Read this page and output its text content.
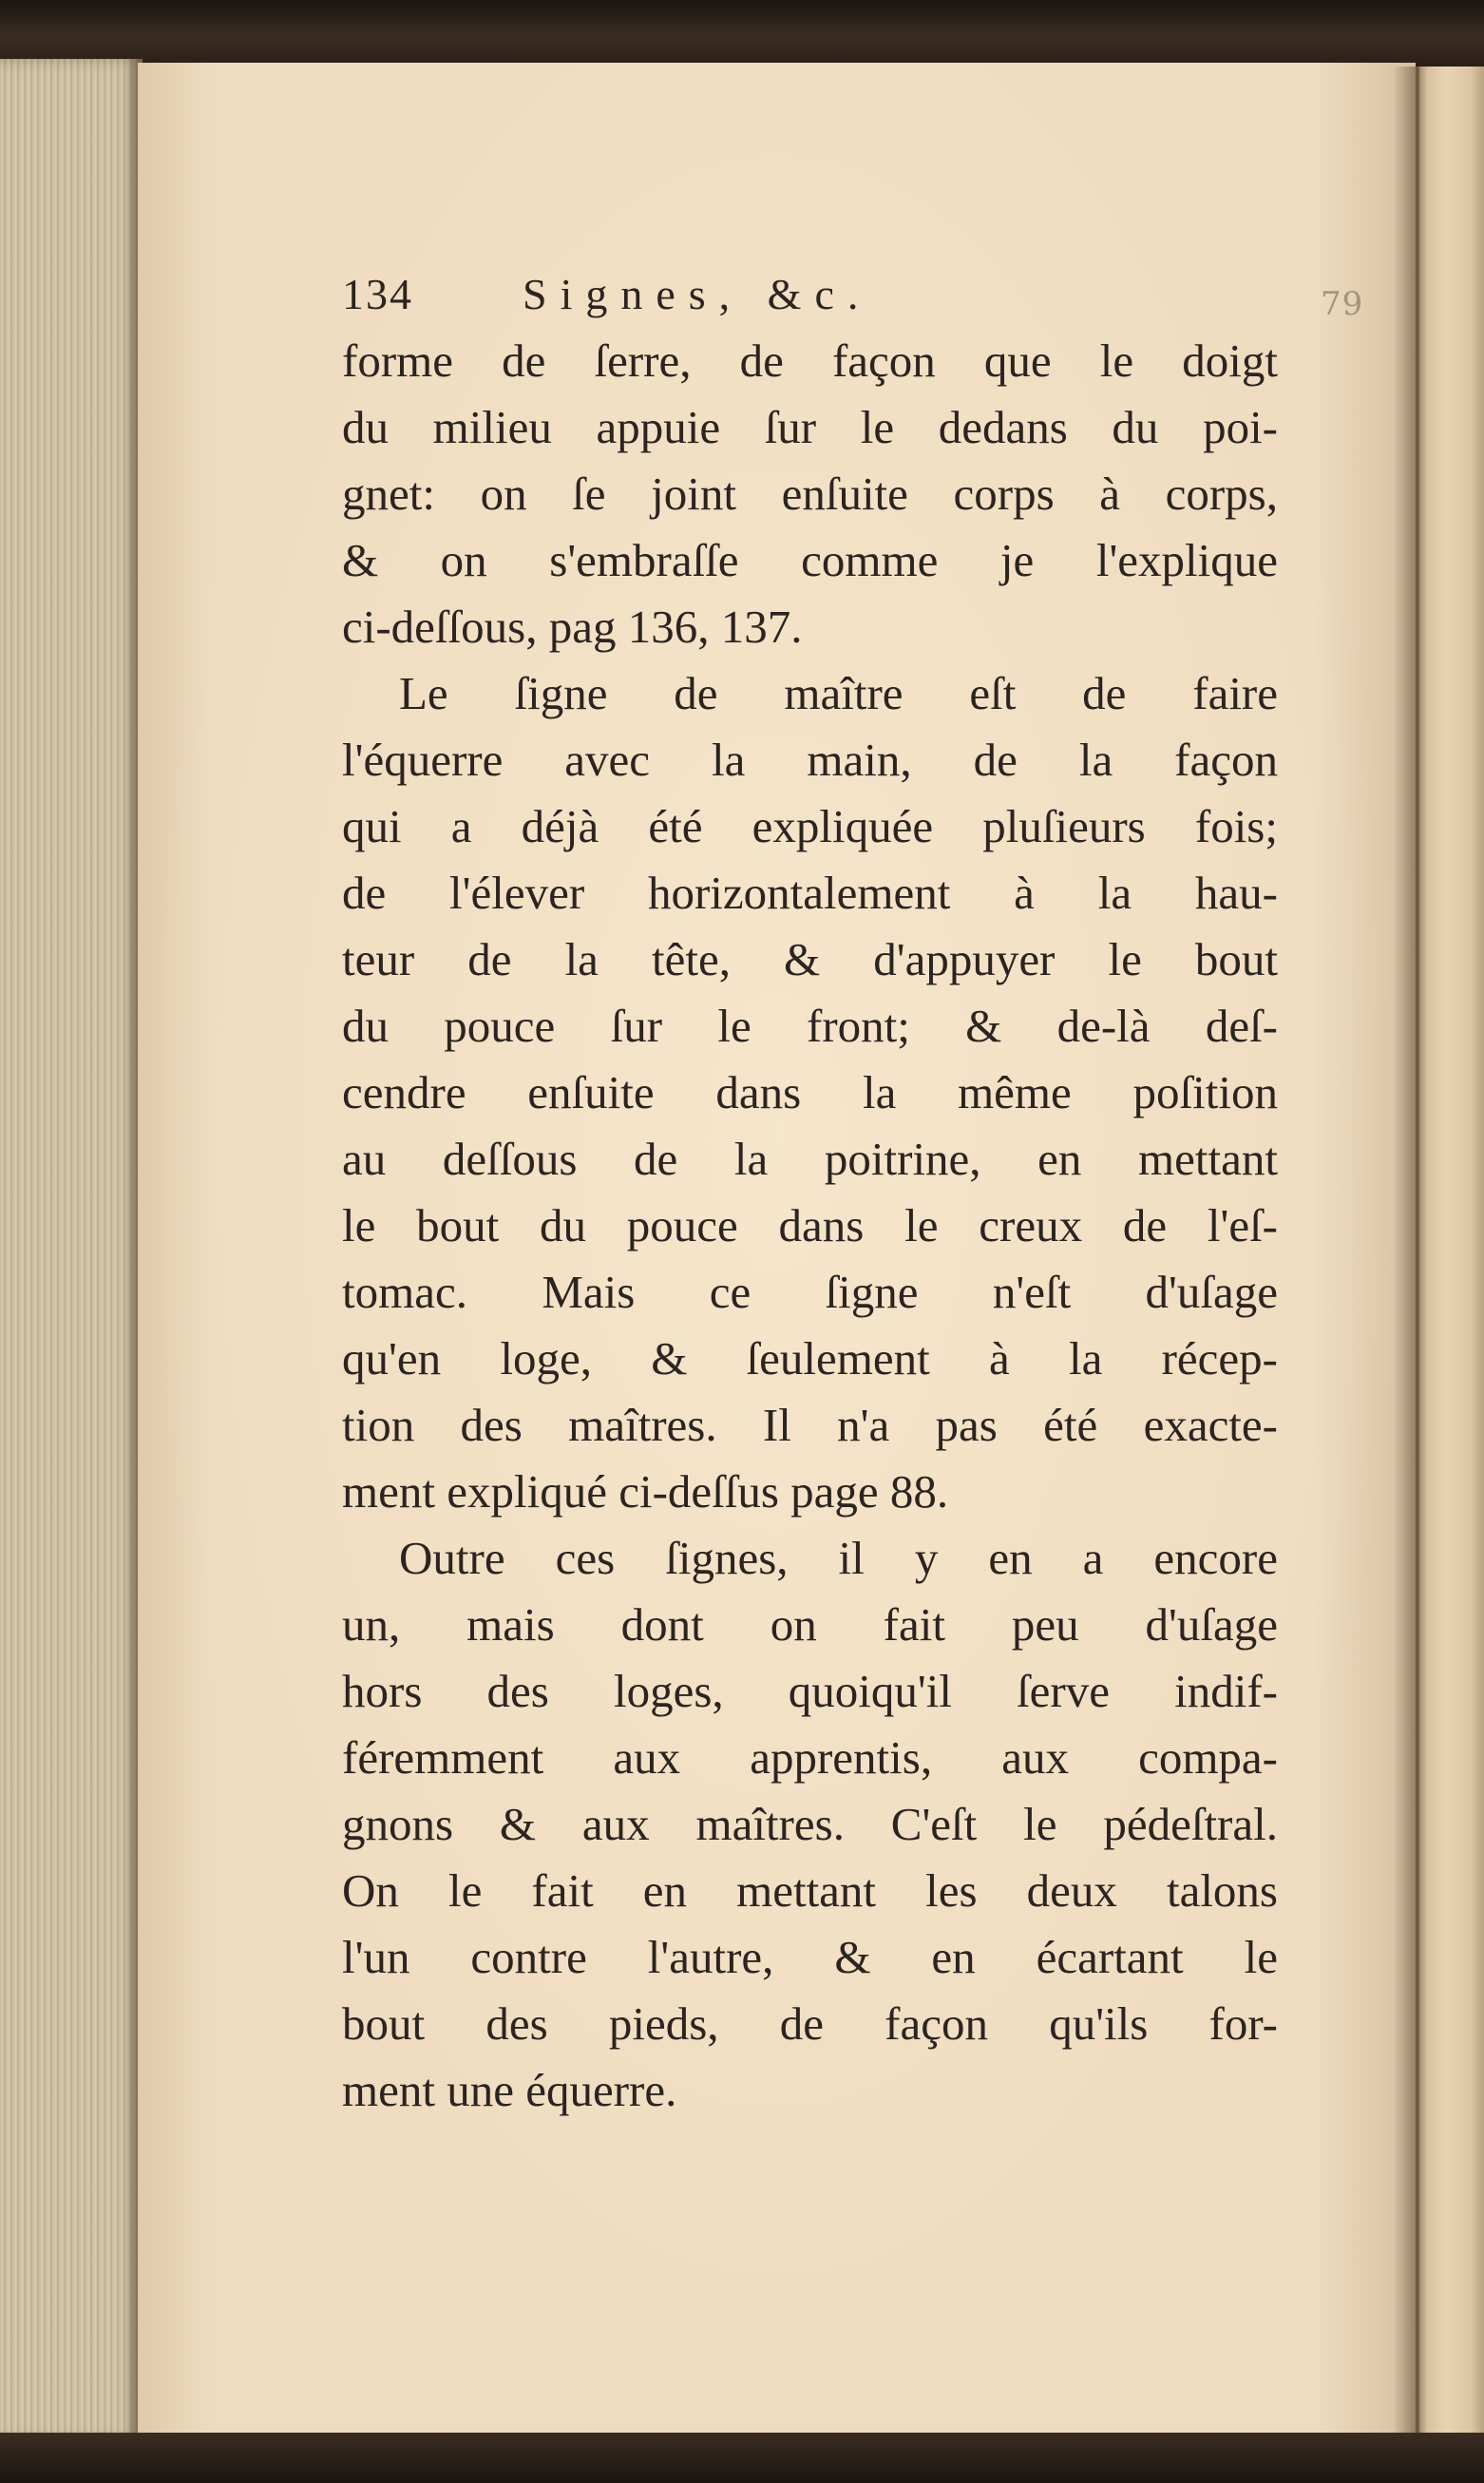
79
134	Signes, &c.
forme de ſerre, de façon que le doigt
du milieu appuie ſur le dedans du poi-
gnet: on ſe joint enſuite corps à corps,
& on s'embraſſe comme je l'explique
ci-deſſous, pag 136, 137.
Le ſigne de maître eſt de faire
l'équerre avec la main, de la façon
qui a déjà été expliquée pluſieurs fois;
de l'élever horizontalement à la hau-
teur de la tête, & d'appuyer le bout
du pouce ſur le front; & de-là deſ-
cendre enſuite dans la même poſition
au deſſous de la poitrine, en mettant
le bout du pouce dans le creux de l'eſ-
tomac. Mais ce ſigne n'eſt d'uſage
qu'en loge, & ſeulement à la récep-
tion des maîtres. Il n'a pas été exacte-
ment expliqué ci-deſſus page 88.
Outre ces ſignes, il y en a encore
un, mais dont on fait peu d'uſage
hors des loges, quoiqu'il ſerve indif-
féremment aux apprentis, aux compa-
gnons & aux maîtres. C'eſt le pédeſtral.
On le fait en mettant les deux talons
l'un contre l'autre, & en écartant le
bout des pieds, de façon qu'ils for-
ment une équerre.
